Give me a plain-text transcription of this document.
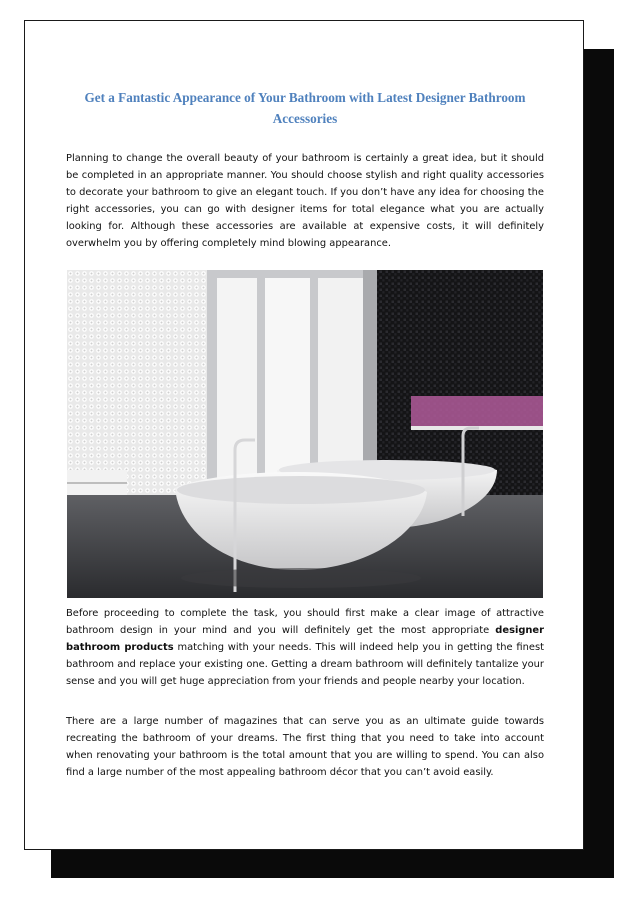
Get a Fantastic Appearance of Your Bathroom with Latest Designer Bathroom Accessories

Planning to change the overall beauty of your bathroom is certainly a great idea, but it should be completed in an appropriate manner. You should choose stylish and right quality accessories to decorate your bathroom to give an elegant touch. If you don’t have any idea for choosing the right accessories, you can go with designer items for total elegance what you are actually looking for. Although these accessories are available at expensive costs, it will definitely overwhelm you by offering completely mind blowing appearance.

Before proceeding to complete the task, you should first make a clear image of attractive bathroom design in your mind and you will definitely get the most appropriate designer bathroom products matching with your needs. This will indeed help you in getting the finest bathroom and replace your existing one. Getting a dream bathroom will definitely tantalize your sense and you will get huge appreciation from your friends and people nearby your location.

There are a large number of magazines that can serve you as an ultimate guide towards recreating the bathroom of your dreams. The first thing that you need to take into account when renovating your bathroom is the total amount that you are willing to spend. You can also find a large number of the most appealing bathroom décor that you can’t avoid easily.
